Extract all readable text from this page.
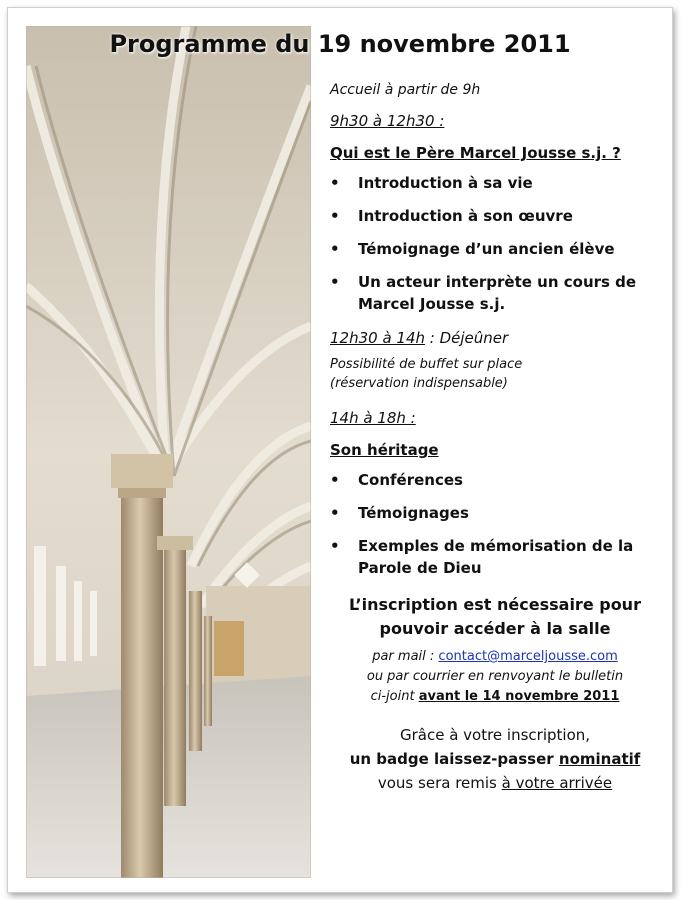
Programme du 19 novembre 2011

Accueil à partir de 9h

9h30 à 12h30 :

Qui est le Père Marcel Jousse s.j. ?

• Introduction à sa vie
• Introduction à son œuvre
• Témoignage d’un ancien élève
• Un acteur interprète un cours de Marcel Jousse s.j.

12h30 à 14h : Déjeûner

Possibilité de buffet sur place
(réservation indispensable)

14h à 18h :

Son héritage

• Conférences
• Témoignages
• Exemples de mémorisation de la Parole de Dieu

L’inscription est nécessaire pour
pouvoir accéder à la salle

par mail : contact@marceljousse.com

ou par courrier en renvoyant le bulletin

ci-joint avant le 14 novembre 2011

Grâce à votre inscription,

un badge laissez-passer nominatif

vous sera remis à votre arrivée
